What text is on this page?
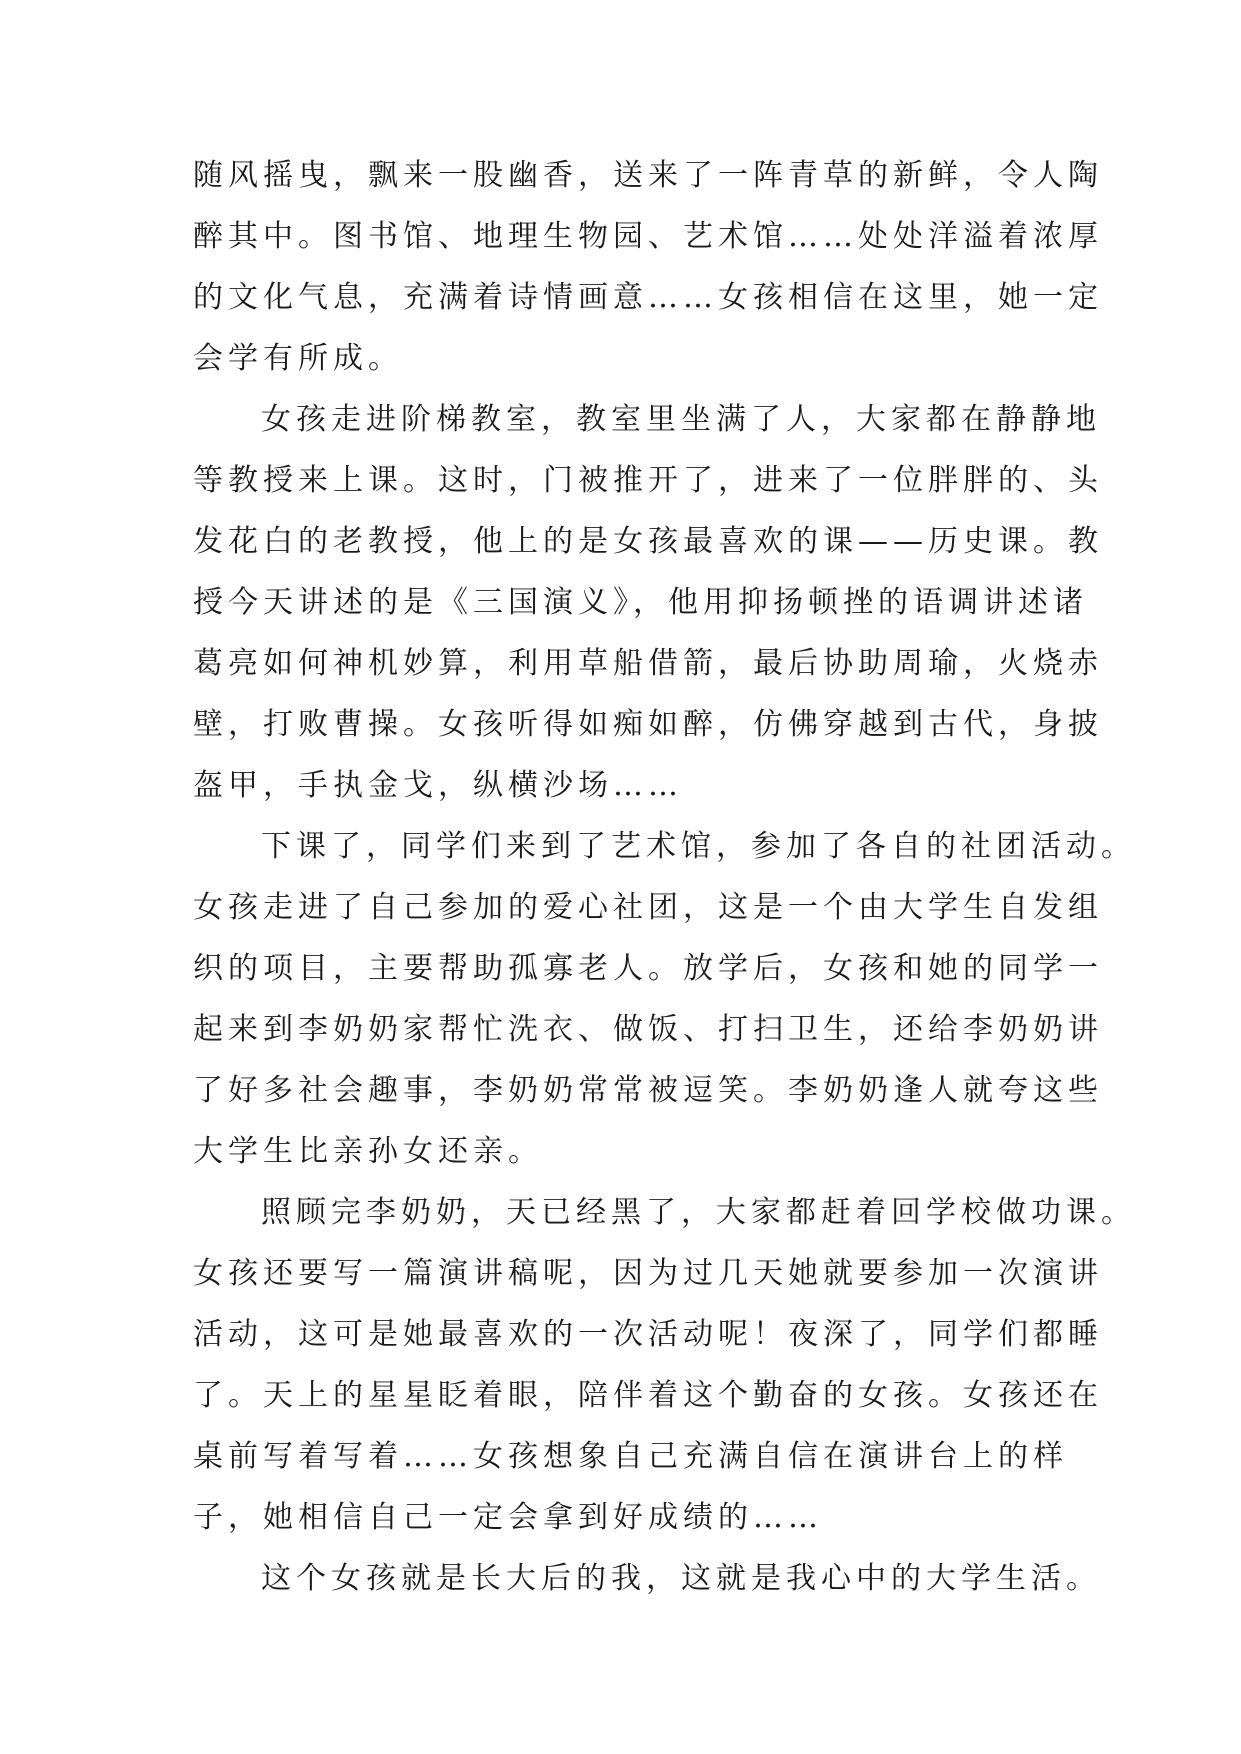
随风摇曳，飘来一股幽香，送来了一阵青草的新鲜，令人陶
醉其中。图书馆、地理生物园、艺术馆……处处洋溢着浓厚
的文化气息，充满着诗情画意……女孩相信在这里，她一定
会学有所成。
女孩走进阶梯教室，教室里坐满了人，大家都在静静地
等教授来上课。这时，门被推开了，进来了一位胖胖的、头
发花白的老教授，他上的是女孩最喜欢的课——历史课。教
授今天讲述的是《三国演义》，他用抑扬顿挫的语调讲述诸
葛亮如何神机妙算，利用草船借箭，最后协助周瑜，火烧赤
壁，打败曹操。女孩听得如痴如醉，仿佛穿越到古代，身披
盔甲，手执金戈，纵横沙场……
下课了，同学们来到了艺术馆，参加了各自的社团活动。
女孩走进了自己参加的爱心社团，这是一个由大学生自发组
织的项目，主要帮助孤寡老人。放学后，女孩和她的同学一
起来到李奶奶家帮忙洗衣、做饭、打扫卫生，还给李奶奶讲
了好多社会趣事，李奶奶常常被逗笑。李奶奶逢人就夸这些
大学生比亲孙女还亲。
照顾完李奶奶，天已经黑了，大家都赶着回学校做功课。
女孩还要写一篇演讲稿呢，因为过几天她就要参加一次演讲
活动，这可是她最喜欢的一次活动呢！夜深了，同学们都睡
了。天上的星星眨着眼，陪伴着这个勤奋的女孩。女孩还在
桌前写着写着……女孩想象自己充满自信在演讲台上的样
子，她相信自己一定会拿到好成绩的……
这个女孩就是长大后的我，这就是我心中的大学生活。
